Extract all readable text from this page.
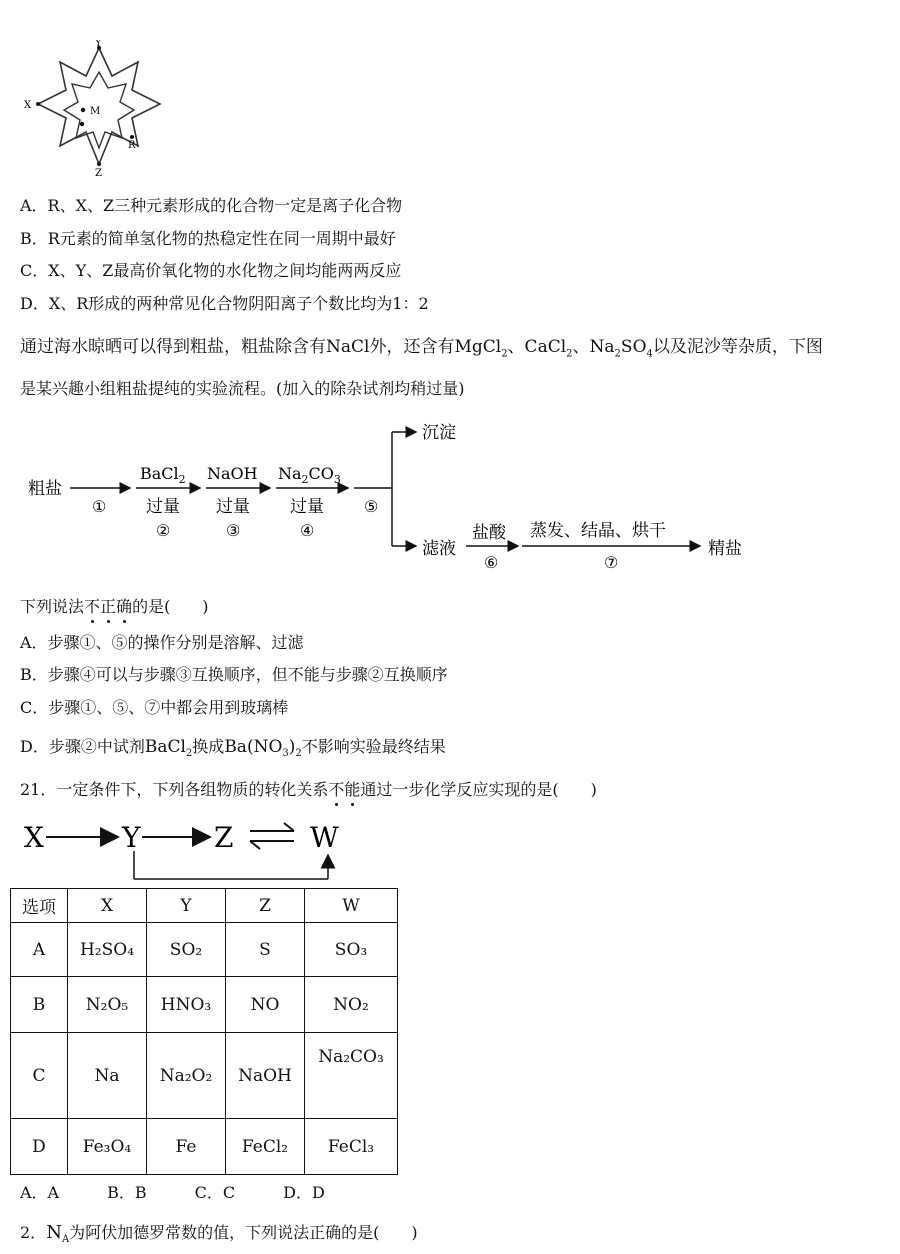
Y
X
M
R
Z
A．R、X、Z三种元素形成的化合物一定是离子化合物
B．R元素的简单氢化物的热稳定性在同一周期中最好
C．X、Y、Z最高价氧化物的水化物之间均能两两反应
D．X、R形成的两种常见化合物阴阳离子个数比均为1：2
通过海水晾晒可以得到粗盐，粗盐除含有NaCl外，还含有MgCl$_2$、CaCl$_2$、$Na_2SO_4$以及泥沙等杂质，下图
是某兴趣小组粗盐提纯的实验流程。(加入的除杂试剂均稍过量)
粗盐
①
BaCl$_2$
过量
②
NaOH
过量
③
$Na_2CO_3$
过量
④
⑤
沉淀
滤液
盐酸
⑥
蒸发、结晶、烘干
⑦
精盐
下列说法不正确的是(　　)
A．步骤①、⑤的操作分别是溶解、过滤
B．步骤④可以与步骤③互换顺序，但不能与步骤②互换顺序
C．步骤①、⑤、⑦中都会用到玻璃棒
D．步骤②中试剂BaCl$_2$换成$Ba(NO_3)_2$不影响实验最终结果
21．一定条件下，下列各组物质的转化关系不能通过一步化学反应实现的是(　　)
X	Y	Z	W
选项	X	Y	Z	W
A	H₂SO₄	SO₂	S	SO₃
B	N₂O₅	HNO₃	NO	NO₂
C	Na	Na₂O₂	NaOH	Na₂CO₃
D	Fe₃O₄	Fe	FeCl₂	FeCl₃
A．A　　　B．B　　　C．C　　　D．D
2．$N_A$为阿伏加德罗常数的值，下列说法正确的是(　　)
